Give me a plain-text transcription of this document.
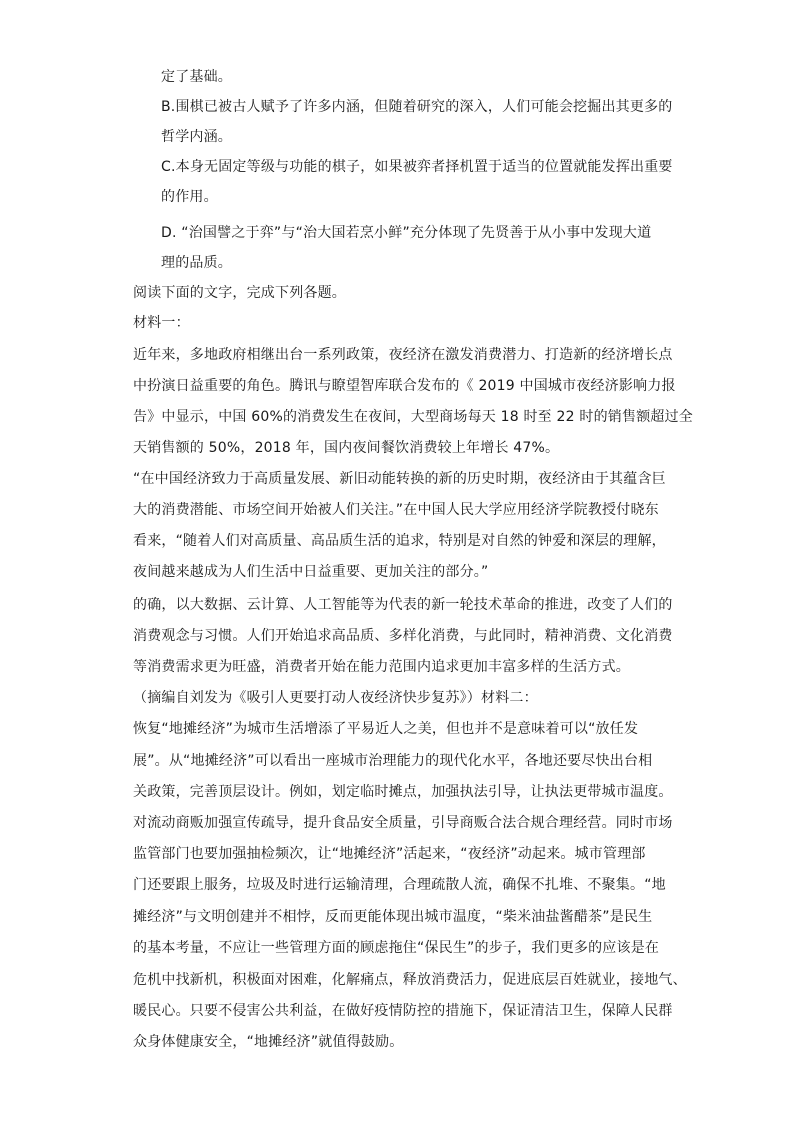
定了基础。
B.围棋已被古人赋予了许多内涵，但随着研究的深入，人们可能会挖掘出其更多的
哲学内涵。
C.本身无固定等级与功能的棋子，如果被弈者择机置于适当的位置就能发挥出重要
的作用。
D. “治国譬之于弈”与“治大国若烹小鲜”充分体现了先贤善于从小事中发现大道
理的品质。
阅读下面的文字，完成下列各题。
材料一：
近年来，多地政府相继出台一系列政策，夜经济在激发消费潜力、打造新的经济增长点
中扮演日益重要的角色。腾讯与瞭望智库联合发布的《 2019 中国城市夜经济影响力报
告》中显示，中国 60%的消费发生在夜间，大型商场每天 18 时至 22 时的销售额超过全
天销售额的 50%，2018 年，国内夜间餐饮消费较上年增长 47%。
“在中国经济致力于高质量发展、新旧动能转换的新的历史时期，夜经济由于其蕴含巨
大的消费潜能、市场空间开始被人们关注。”在中国人民大学应用经济学院教授付晓东
看来，“随着人们对高质量、高品质生活的追求，特别是对自然的钟爱和深层的理解，
夜间越来越成为人们生活中日益重要、更加关注的部分。”
的确，以大数据、云计算、人工智能等为代表的新一轮技术革命的推进，改变了人们的
消费观念与习惯。人们开始追求高品质、多样化消费，与此同时，精神消费、文化消费
等消费需求更为旺盛，消费者开始在能力范围内追求更加丰富多样的生活方式。
（摘编自刘发为《吸引人更要打动人夜经济快步复苏》）材料二：
恢复“地摊经济”为城市生活增添了平易近人之美，但也并不是意味着可以“放任发
展”。从“地摊经济”可以看出一座城市治理能力的现代化水平，各地还要尽快出台相
关政策，完善顶层设计。例如，划定临时摊点，加强执法引导，让执法更带城市温度。
对流动商贩加强宣传疏导，提升食品安全质量，引导商贩合法合规合理经营。同时市场
监管部门也要加强抽检频次，让“地摊经济”活起来，“夜经济”动起来。城市管理部
门还要跟上服务，垃圾及时进行运输清理，合理疏散人流，确保不扎堆、不聚集。“地
摊经济”与文明创建并不相悖，反而更能体现出城市温度，“柴米油盐酱醋茶”是民生
的基本考量，不应让一些管理方面的顾虑拖住“保民生”的步子，我们更多的应该是在
危机中找新机，积极面对困难，化解痛点，释放消费活力，促进底层百姓就业，接地气、
暖民心。只要不侵害公共利益，在做好疫情防控的措施下，保证清洁卫生，保障人民群
众身体健康安全，“地摊经济”就值得鼓励。
